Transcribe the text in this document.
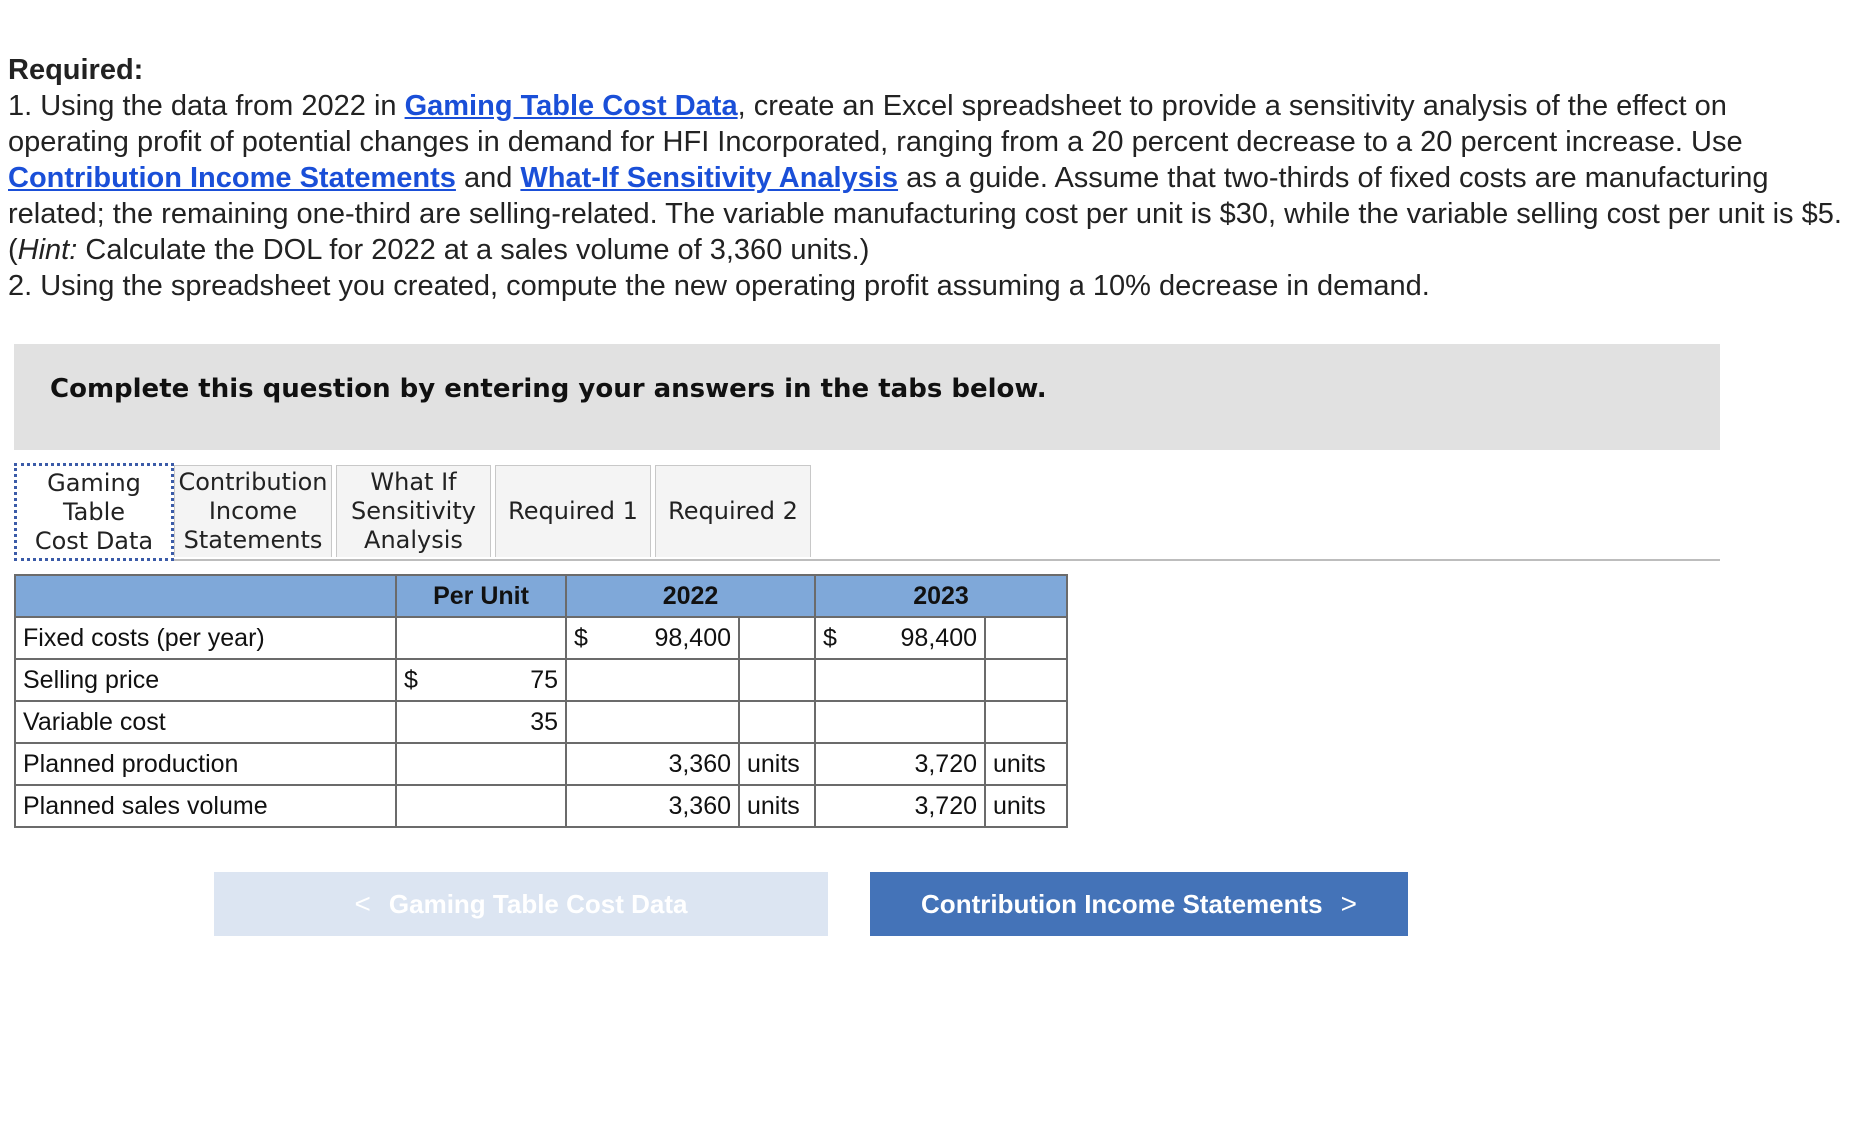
Required:

1. Using the data from 2022 in Gaming Table Cost Data, create an Excel spreadsheet to provide a sensitivity analysis of the effect on operating profit of potential changes in demand for HFI Incorporated, ranging from a 20 percent decrease to a 20 percent increase. Use Contribution Income Statements and What-If Sensitivity Analysis as a guide. Assume that two-thirds of fixed costs are manufacturing related; the remaining one-third are selling-related. The variable manufacturing cost per unit is $30, while the variable selling cost per unit is $5. (Hint: Calculate the DOL for 2022 at a sales volume of 3,360 units.)

2. Using the spreadsheet you created, compute the new operating profit assuming a 10% decrease in demand.

Complete this question by entering your answers in the tabs below.
Gaming Table
Cost Data
Contribution
Income
Statements
What If
Sensitivity
Analysis
Required 1 Required 2
	Per Unit	2022		2023	
Fixed costs (per year)		$ 98,400		$ 98,400	
Selling price	$ 75				
Variable cost	35				
Planned production		3,360	units	3,720	units
Planned sales volume		3,360	units	3,720	units
< Gaming Table Cost Data	Contribution Income Statements >
